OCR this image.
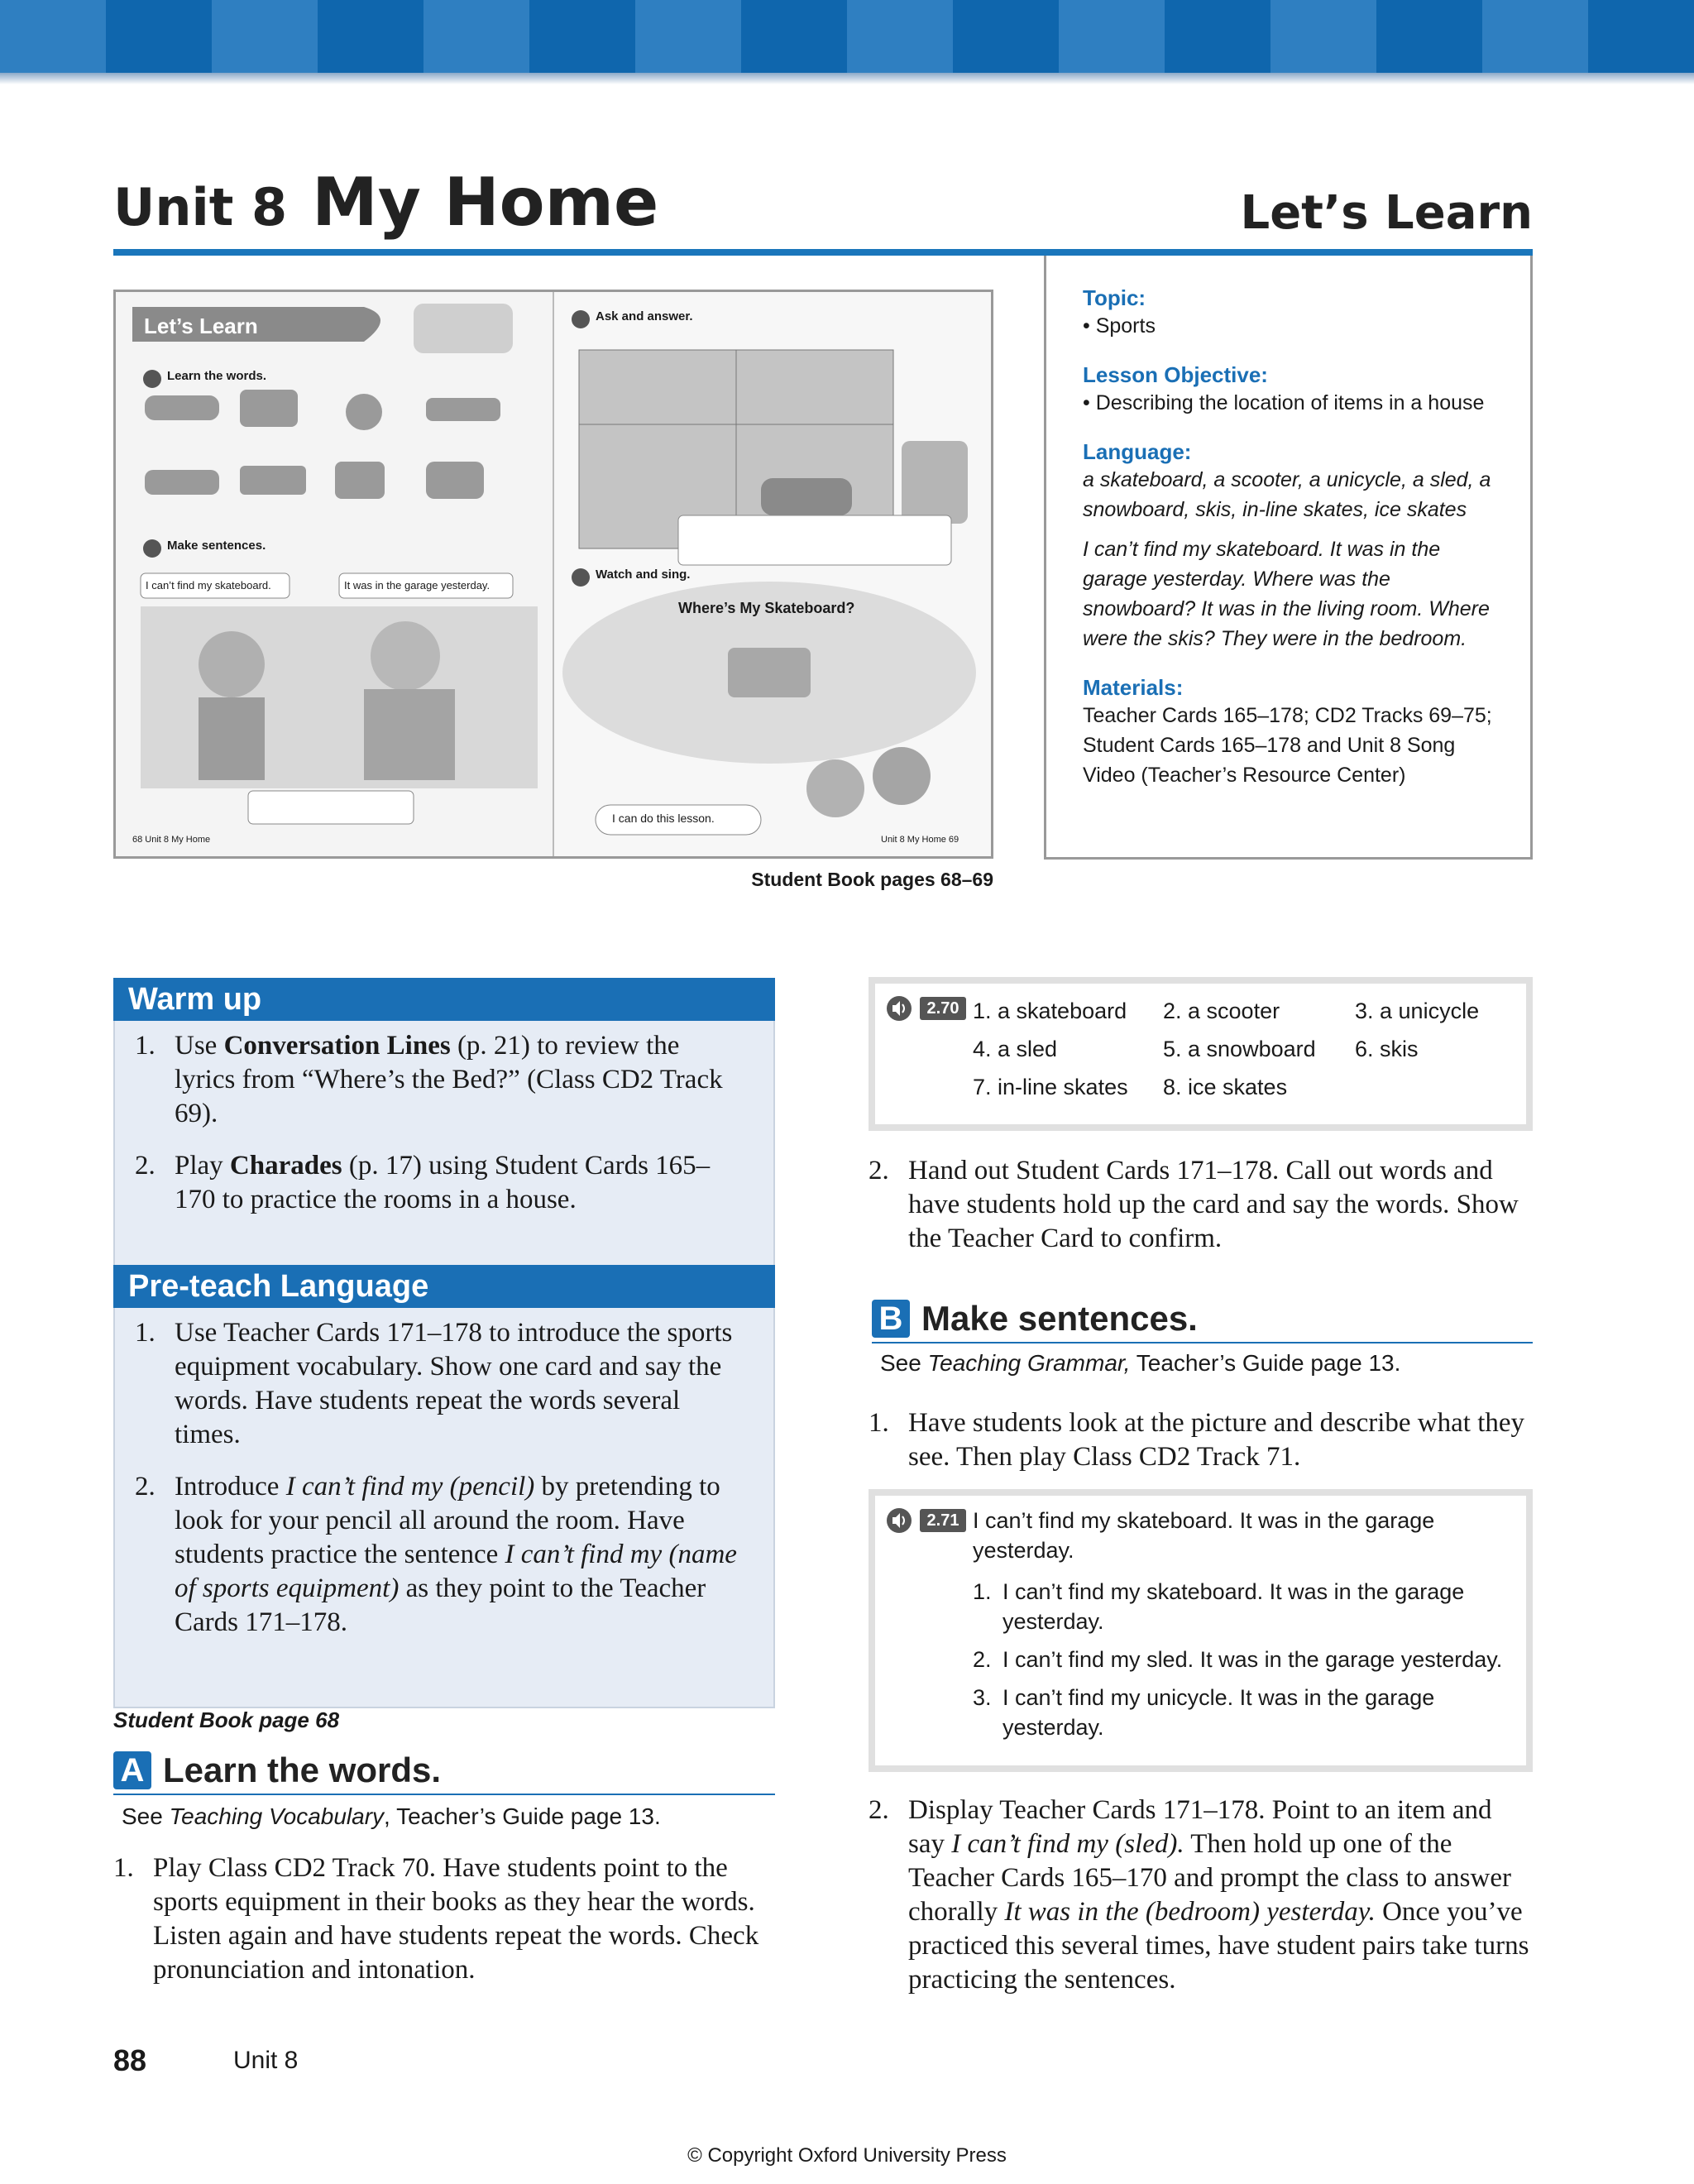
Unit 8 My Home	Let’s Learn
Let’s Learn
Learn the words.
Make sentences.
I can’t find my skateboard.	It was in the garage yesterday.
Ask and answer.
Watch and sing.
Where’s My Skateboard?
I can do this lesson.
68 Unit 8 My Home	Unit 8 My Home 69
Student Book pages 68–69

Topic:

• Sports

Lesson Objective:

• Describing the location of items in a house

Language:

a skateboard, a scooter, a unicycle, a sled, a snowboard, skis, in-line skates, ice skates

I can’t find my skateboard. It was in the garage yesterday. Where was the snowboard? It was in the living room. Where were the skis? They were in the bedroom.

Materials:

Teacher Cards 165–178; CD2 Tracks 69–75; Student Cards 165–178 and Unit 8 Song Video (Teacher’s Resource Center)

Warm up
1. Use Conversation Lines (p. 21) to review the lyrics from “Where’s the Bed?” (Class CD2 Track 69).
2. Play Charades (p. 17) using Student Cards 165–170 to practice the rooms in a house.
Pre-teach Language
1. Use Teacher Cards 171–178 to introduce the sports equipment vocabulary. Show one card and say the words. Have students repeat the words several times.
2. Introduce I can’t find my (pencil) by pretending to look for your pencil all around the room. Have students practice the sentence I can’t find my (name of sports equipment) as they point to the Teacher Cards 171–178.
Student Book page 68
A Learn the words.
See Teaching Vocabulary, Teacher’s Guide page 13.
1. Play Class CD2 Track 70. Have students point to the sports equipment in their books as they hear the words. Listen again and have students repeat the words. Check pronunciation and intonation.
2.70 1. a skateboard 2. a scooter	3. a unicycle
4. a sled	5. a snowboard 6. skis
7. in-line skates 8. ice skates
2. Hand out Student Cards 171–178. Call out words and have students hold up the card and say the words. Show the Teacher Card to confirm.
B Make sentences.
See Teaching Grammar, Teacher’s Guide page 13.
1. Have students look at the picture and describe what they see. Then play Class CD2 Track 71.
2.71 I can’t find my skateboard. It was in the garage yesterday.
1. I can’t find my skateboard. It was in the garage yesterday.
2. I can’t find my sled. It was in the garage yesterday.
3. I can’t find my unicycle. It was in the garage yesterday.
2. Display Teacher Cards 171–178. Point to an item and say I can’t find my (sled). Then hold up one of the Teacher Cards 165–170 and prompt the class to answer chorally It was in the (bedroom) yesterday. Once you’ve practiced this several times, have student pairs take turns practicing the sentences.
88	Unit 8
© Copyright Oxford University Press
